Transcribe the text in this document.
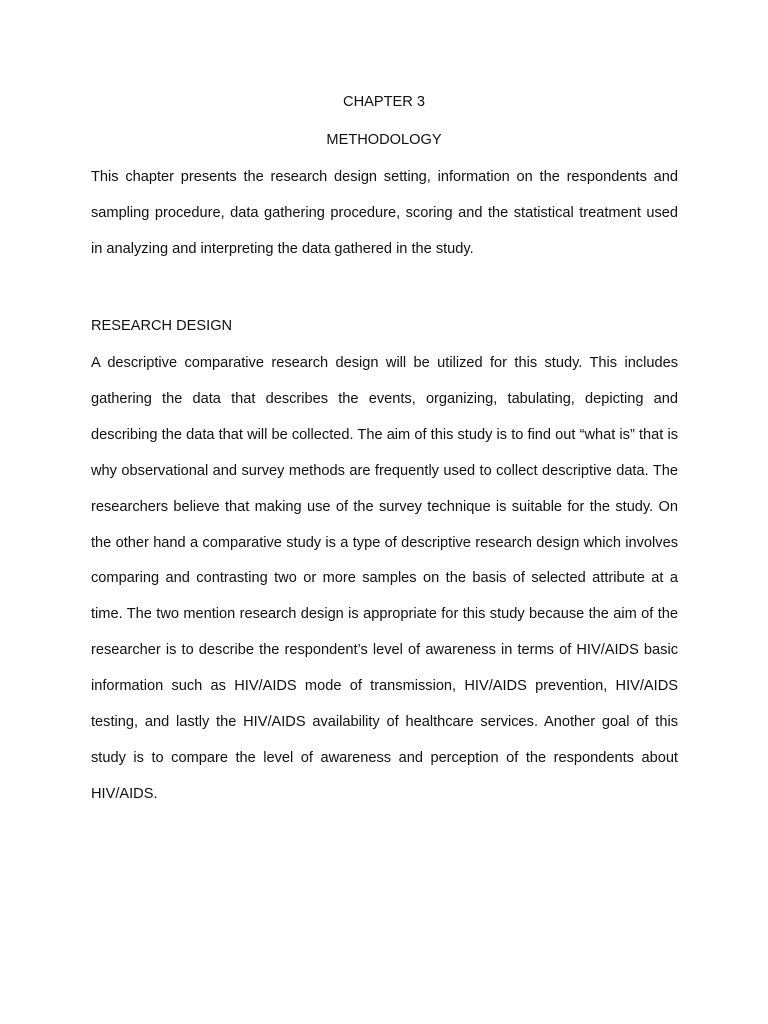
CHAPTER 3
METHODOLOGY

This chapter presents the research design setting, information on the respondents and sampling procedure, data gathering procedure, scoring and the statistical treatment used in analyzing and interpreting the data gathered in the study.

RESEARCH DESIGN

A descriptive comparative research design will be utilized for this study. This includes gathering the data that describes the events, organizing, tabulating, depicting and describing the data that will be collected. The aim of this study is to find out “what is” that is why observational and survey methods are frequently used to collect descriptive data. The researchers believe that making use of the survey technique is suitable for the study. On the other hand a comparative study is a type of descriptive research design which involves comparing and contrasting two or more samples on the basis of selected attribute at a time. The two mention research design is appropriate for this study because the aim of the researcher is to describe the respondent’s level of awareness in terms of HIV/AIDS basic information such as HIV/AIDS mode of transmission, HIV/AIDS prevention, HIV/AIDS testing, and lastly the HIV/AIDS availability of healthcare services. Another goal of this study is to compare the level of awareness and perception of the respondents about HIV/AIDS.
